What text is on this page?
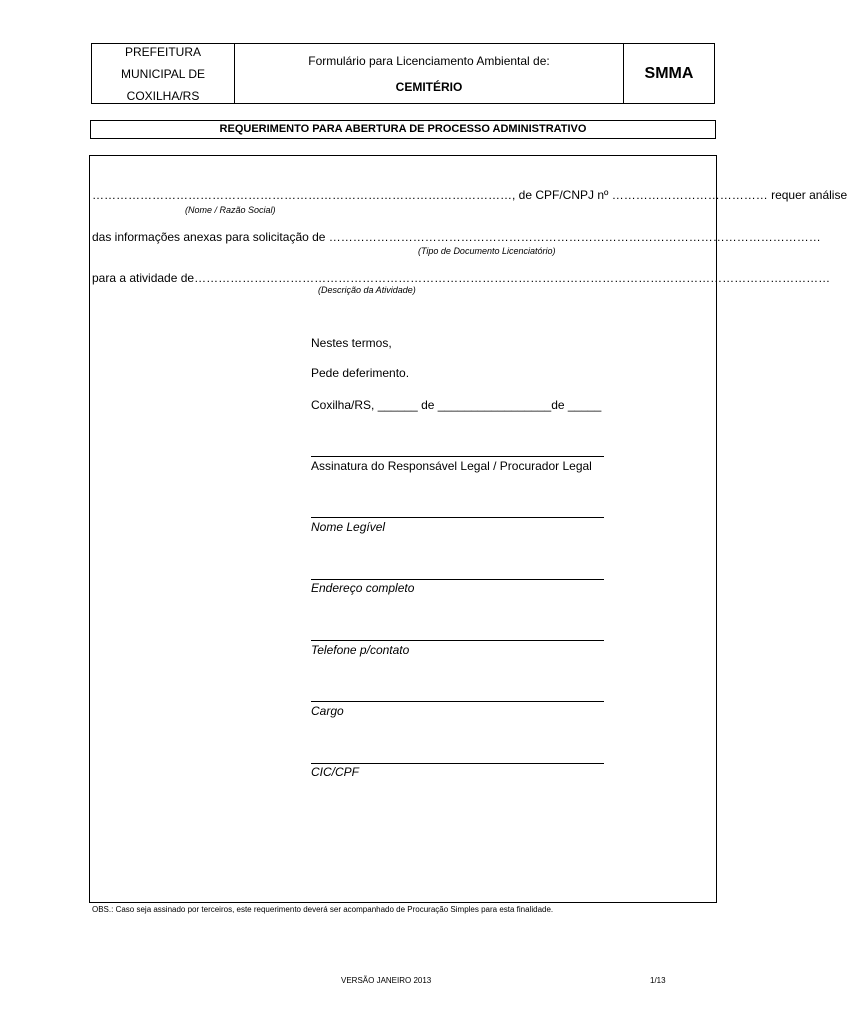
PREFEITURA
MUNICIPAL DE
COXILHA/RS
Formulário para Licenciamento Ambiental de:
CEMITÉRIO
SMMA
REQUERIMENTO PARA ABERTURA DE PROCESSO ADMINISTRATIVO
……………………………………………………………………………………………, de CPF/CNPJ nº ………………………………… requer análise
(Nome / Razão Social)
das informações anexas para solicitação de ……………………………………………………………………………………………………………
(Tipo de Documento Licenciatório)
para a atividade de……………………………………………………………………………………………………………………………………………
(Descrição da Atividade)
Nestes termos,
Pede deferimento.
Coxilha/RS, ______ de _________________de _____
Assinatura do Responsável Legal / Procurador Legal
Nome Legível
Endereço completo
Telefone p/contato
Cargo
CIC/CPF
OBS.: Caso seja assinado por terceiros, este requerimento deverá ser acompanhado de Procuração Simples para esta finalidade.
VERSÃO JANEIRO 2013	1/13
